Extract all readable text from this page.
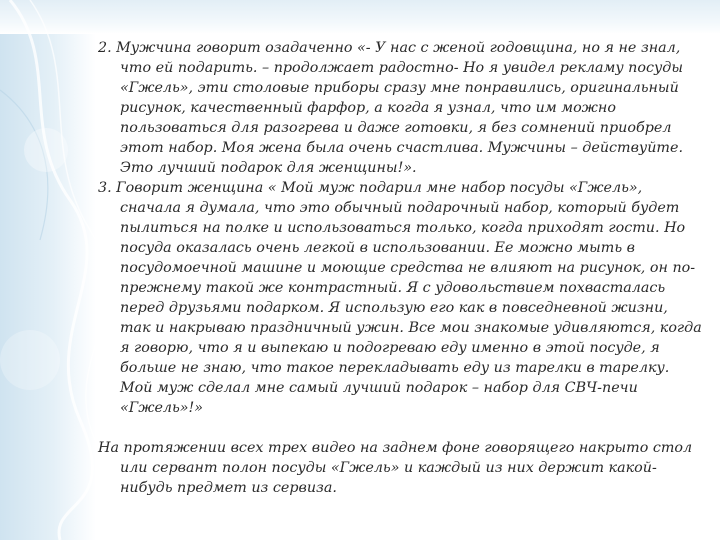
2. Мужчина говорит озадаченно «- У нас с женой годовщина, но я не знал, что ей подарить. – продолжает радостно- Но я увидел рекламу посуды «Гжель», эти столовые приборы сразу мне понравились, оригинальный рисунок, качественный фарфор, а когда я узнал, что им можно пользоваться для разогрева и даже готовки, я без сомнений приобрел этот набор. Моя жена была очень счастлива. Мужчины – действуйте. Это лучший подарок для женщины!».

3. Говорит женщина « Мой муж подарил мне набор посуды «Гжель», сначала я думала, что это обычный подарочный набор, который будет пылиться на полке и использоваться только, когда приходят гости. Но посуда оказалась очень легкой в использовании. Ее можно мыть в посудомоечной машине и моющие средства не влияют на рисунок, он по-прежнему такой же контрастный. Я с удовольствием похвасталась перед друзьями подарком. Я использую его как в повседневной жизни, так и накрываю праздничный ужин. Все мои знакомые удивляются, когда я говорю, что я и выпекаю и подогреваю еду именно в этой посуде, я больше не знаю, что такое перекладывать еду из тарелки в тарелку. Мой муж сделал мне самый лучший подарок – набор для СВЧ-печи «Гжель»!»

На протяжении всех трех видео на заднем фоне говорящего накрыто стол или сервант полон посуды «Гжель» и каждый из них держит какой-нибудь предмет из сервиза.
